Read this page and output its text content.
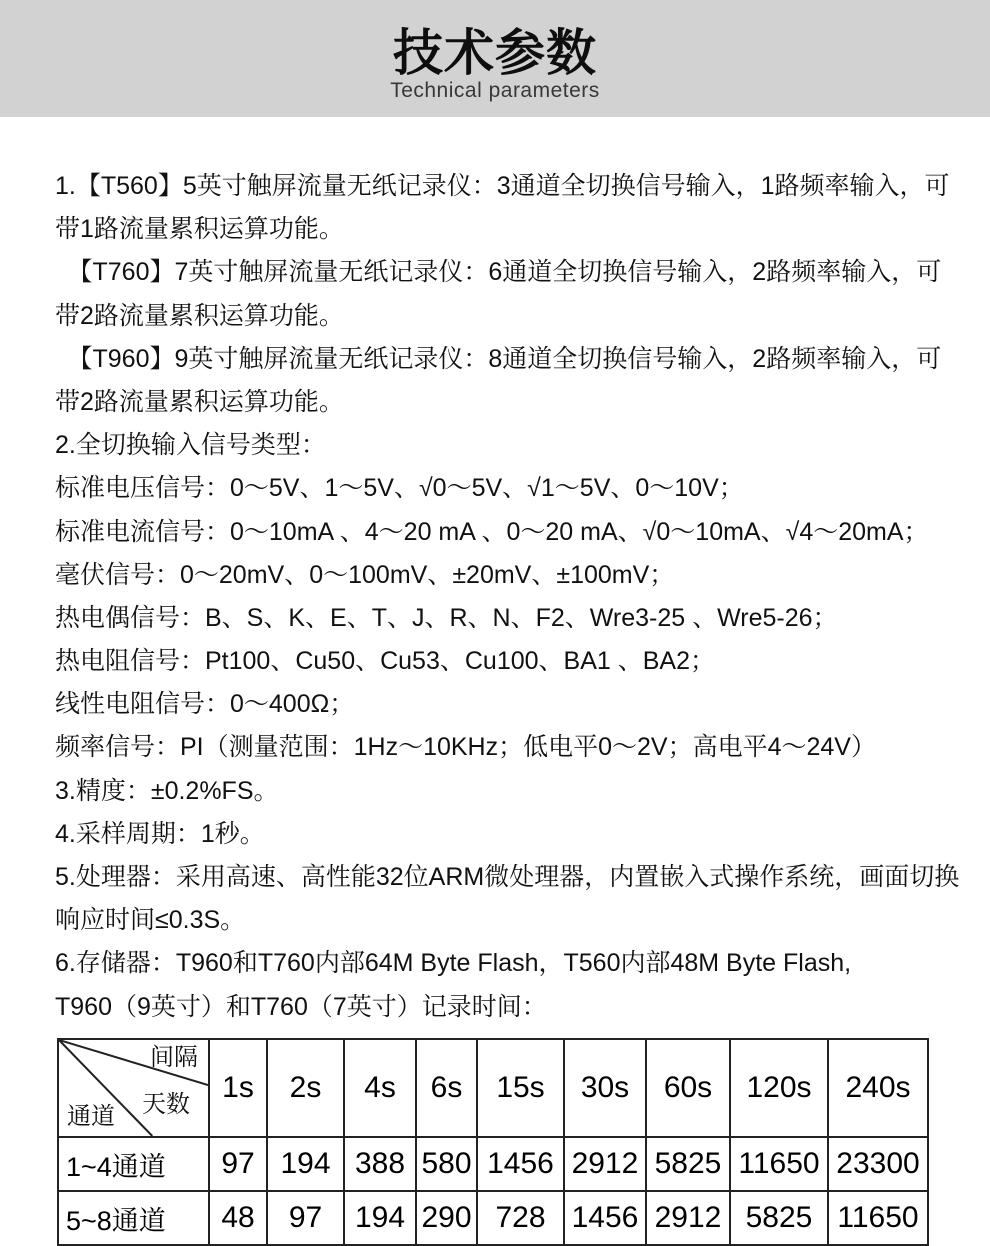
技术参数
Technical parameters
1.【T560】5英寸触屏流量无纸记录仪：3通道全切换信号输入，1路频率输入，可
带1路流量累积运算功能。
　【T760】7英寸触屏流量无纸记录仪：6通道全切换信号输入，2路频率输入，可
带2路流量累积运算功能。
　【T960】9英寸触屏流量无纸记录仪：8通道全切换信号输入，2路频率输入，可
带2路流量累积运算功能。
2.全切换输入信号类型：
标准电压信号：0～5V、1～5V、√0～5V、√1～5V、0～10V；
标准电流信号：0～10mA 、4～20 mA 、0～20 mA、√0～10mA、√4～20mA；
毫伏信号：0～20mV、0～100mV、±20mV、±100mV；
热电偶信号：B、S、K、E、T、J、R、N、F2、Wre3-25 、Wre5-26；
热电阻信号：Pt100、Cu50、Cu53、Cu100、BA1 、BA2；
线性电阻信号：0～400Ω；
频率信号：PI（测量范围：1Hz～10KHz；低电平0～2V；高电平4～24V）
3.精度：±0.2%FS。
4.采样周期：1秒。
5.处理器：采用高速、高性能32位ARM微处理器，内置嵌入式操作系统，画面切换
响应时间≤0.3S。
6.存储器：T960和T760内部64M Byte Flash，T560内部48M Byte Flash,
T960（9英寸）和T760（7英寸）记录时间：
间隔
天数
通道	1s	2s	4s	6s	15s	30s	60s	120s	240s
1~4通道	97	194	388	580	1456	2912	5825	11650	23300
5~8通道	48	97	194	290	728	1456	2912	5825	11650
